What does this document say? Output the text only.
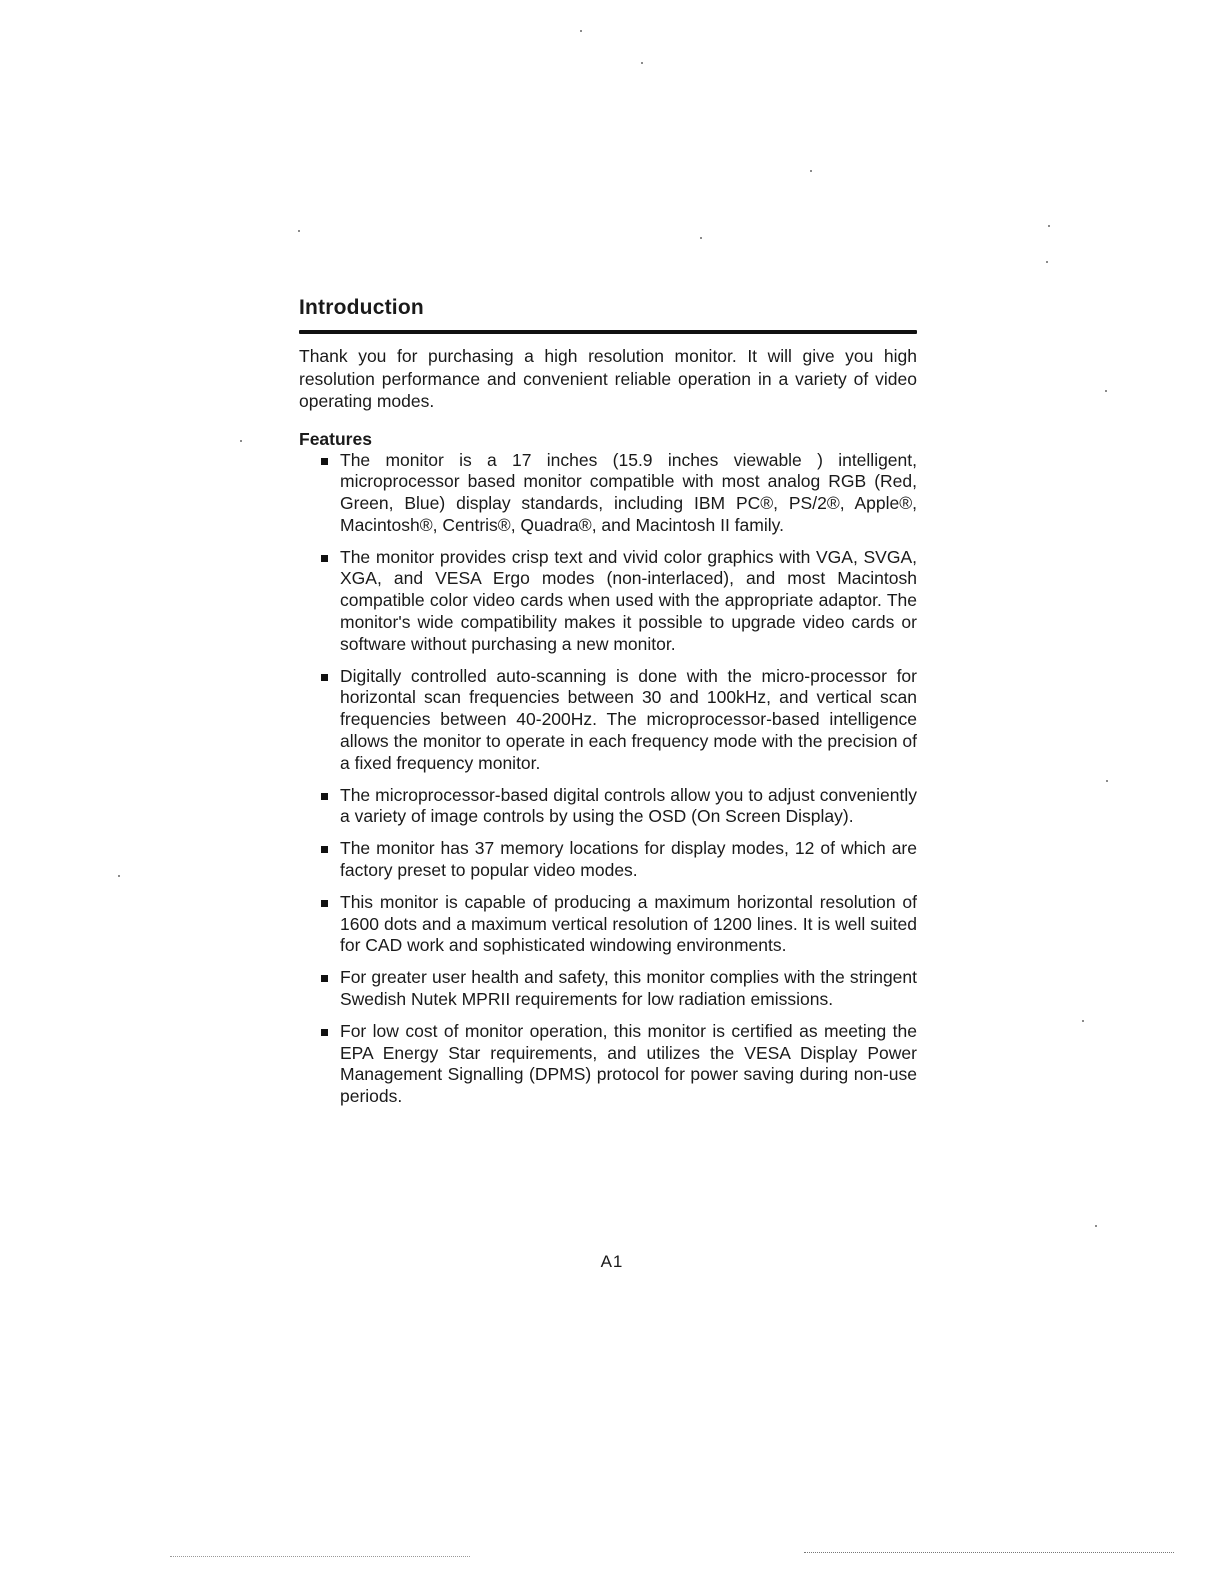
Introduction

Thank you for purchasing a high resolution monitor. It will give you high resolution performance and convenient reliable operation in a variety of video operating modes.

Features

The monitor is a 17 inches (15.9 inches viewable ) intelligent, microprocessor based monitor compatible with most analog RGB (Red, Green, Blue) display standards, including IBM PC®, PS/2®, Apple®, Macintosh®, Centris®, Quadra®, and Macintosh II family.
The monitor provides crisp text and vivid color graphics with VGA, SVGA, XGA, and VESA Ergo modes (non-interlaced), and most Macintosh compatible color video cards when used with the appropriate adaptor. The monitor's wide compatibility makes it possible to upgrade video cards or software without purchasing a new monitor.
Digitally controlled auto-scanning is done with the micro-processor for horizontal scan frequencies between 30 and 100kHz, and vertical scan frequencies between 40-200Hz. The microprocessor-based intelligence allows the monitor to operate in each frequency mode with the precision of a fixed frequency monitor.
The microprocessor-based digital controls allow you to adjust conveniently a variety of image controls by using the OSD (On Screen Display).
The monitor has 37 memory locations for display modes, 12 of which are factory preset to popular video modes.
This monitor is capable of producing a maximum horizontal resolution of 1600 dots and a maximum vertical resolution of 1200 lines. It is well suited for CAD work and sophisticated windowing environments.
For greater user health and safety, this monitor complies with the stringent Swedish Nutek MPRII requirements for low radiation emissions.
For low cost of monitor operation, this monitor is certified as meeting the EPA Energy Star requirements, and utilizes the VESA Display Power Management Signalling (DPMS) protocol for power saving during non-use periods.
A1
